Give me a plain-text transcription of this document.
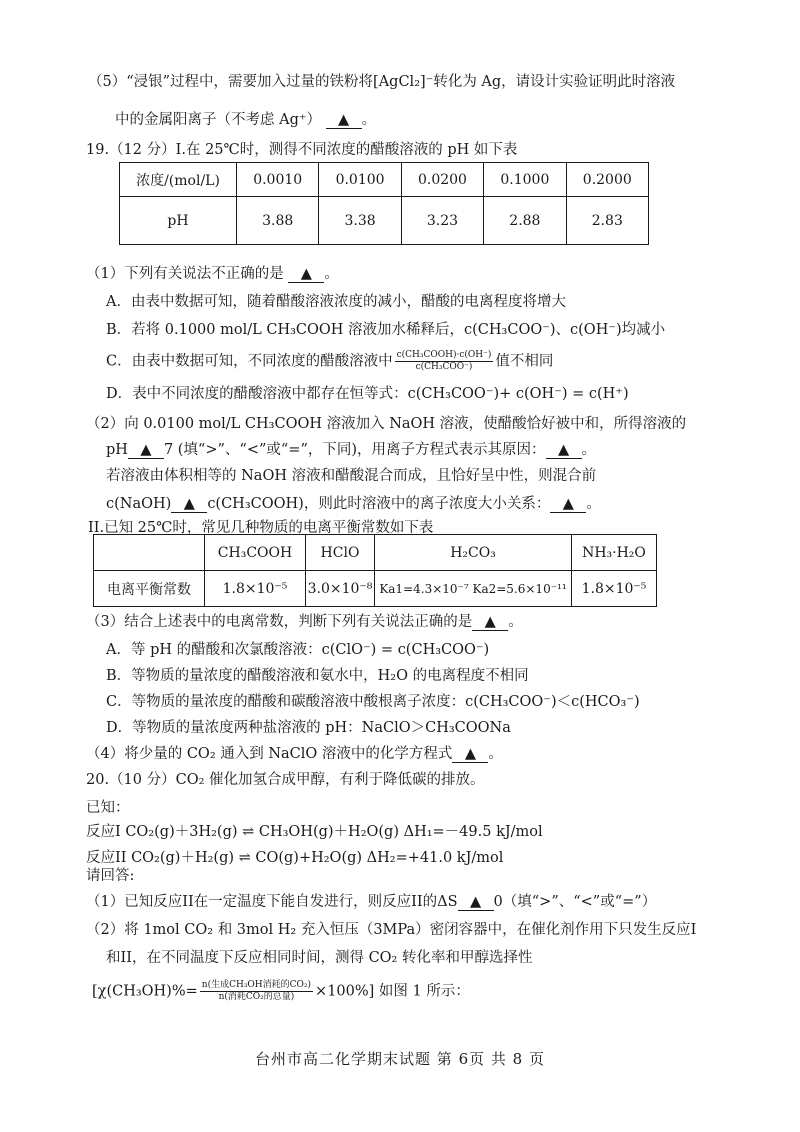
（5）“浸银”过程中，需要加入过量的铁粉将[AgCl₂]⁻转化为 Ag，请设计实验证明此时溶液
中的金属阳离子（不考虑 Ag⁺） ▲ 。
19.（12 分）I.在 25℃时，测得不同浓度的醋酸溶液的 pH 如下表
浓度/(mol/L)	0.0010	0.0100	0.0200	0.1000	0.2000
pH	3.88	3.38	3.23	2.88	2.83
（1）下列有关说法不正确的是 ▲ 。
A．由表中数据可知，随着醋酸溶液浓度的减小，醋酸的电离程度将增大
B．若将 0.1000 mol/L CH₃COOH 溶液加水稀释后，c(CH₃COO⁻)、c(OH⁻)均减小
C．由表中数据可知，不同浓度的醋酸溶液中 $\frac{\text{c(CH₃COOH)·c(OH⁻)}}{\text{c(CH₃COO⁻)}}$ 值不相同
D．表中不同浓度的醋酸溶液中都存在恒等式：c(CH₃COO⁻)+ c(OH⁻) = c(H⁺)
（2）向 0.0100 mol/L CH₃COOH 溶液加入 NaOH 溶液，使醋酸恰好被中和，所得溶液的
pH ▲ 7 (填“>”、“<”或“=”，下同)，用离子方程式表示其原因： ▲ 。
若溶液由体积相等的 NaOH 溶液和醋酸混合而成，且恰好呈中性，则混合前
c(NaOH) ▲ c(CH₃COOH)，则此时溶液中的离子浓度大小关系： ▲ 。
II.已知 25℃时，常见几种物质的电离平衡常数如下表
	CH₃COOH	HClO	H₂CO₃	NH₃·H₂O
电离平衡常数	1.8×10⁻⁵	3.0×10⁻⁸	Ka1=4.3×10⁻⁷ Ka2=5.6×10⁻¹¹	1.8×10⁻⁵
（3）结合上述表中的电离常数，判断下列有关说法正确的是 ▲ 。
A．等 pH 的醋酸和次氯酸溶液：c(ClO⁻) = c(CH₃COO⁻)
B．等物质的量浓度的醋酸溶液和氨水中，H₂O 的电离程度不相同
C．等物质的量浓度的醋酸和碳酸溶液中酸根离子浓度：c(CH₃COO⁻)＜c(HCO₃⁻)
D．等物质的量浓度两种盐溶液的 pH：NaClO＞CH₃COONa
（4）将少量的 CO₂ 通入到 NaClO 溶液中的化学方程式 ▲ 。
20.（10 分）CO₂ 催化加氢合成甲醇，有利于降低碳的排放。
已知：
反应I CO₂(g)＋3H₂(g) ⇌ CH₃OH(g)＋H₂O(g) ΔH₁=－49.5 kJ/mol
反应II CO₂(g)＋H₂(g) ⇌ CO(g)+H₂O(g) ΔH₂=+41.0 kJ/mol
请回答:
（1）已知反应II在一定温度下能自发进行，则反应II的ΔS ▲ 0（填“>”、“<”或“=”）
（2）将 1mol CO₂ 和 3mol H₂ 充入恒压（3MPa）密闭容器中，在催化剂作用下只发生反应I
和II，在不同温度下反应相同时间，测得 CO₂ 转化率和甲醇选择性
$[\chi(CH_3OH)\%= \frac{\text{n(生成CH₃OH消耗的CO₂)}}{\text{n(消耗CO₂的总量)}} \times 100\%]$ 如图 1 所示：
台州市高二化学期末试题 第 6页 共 8 页
